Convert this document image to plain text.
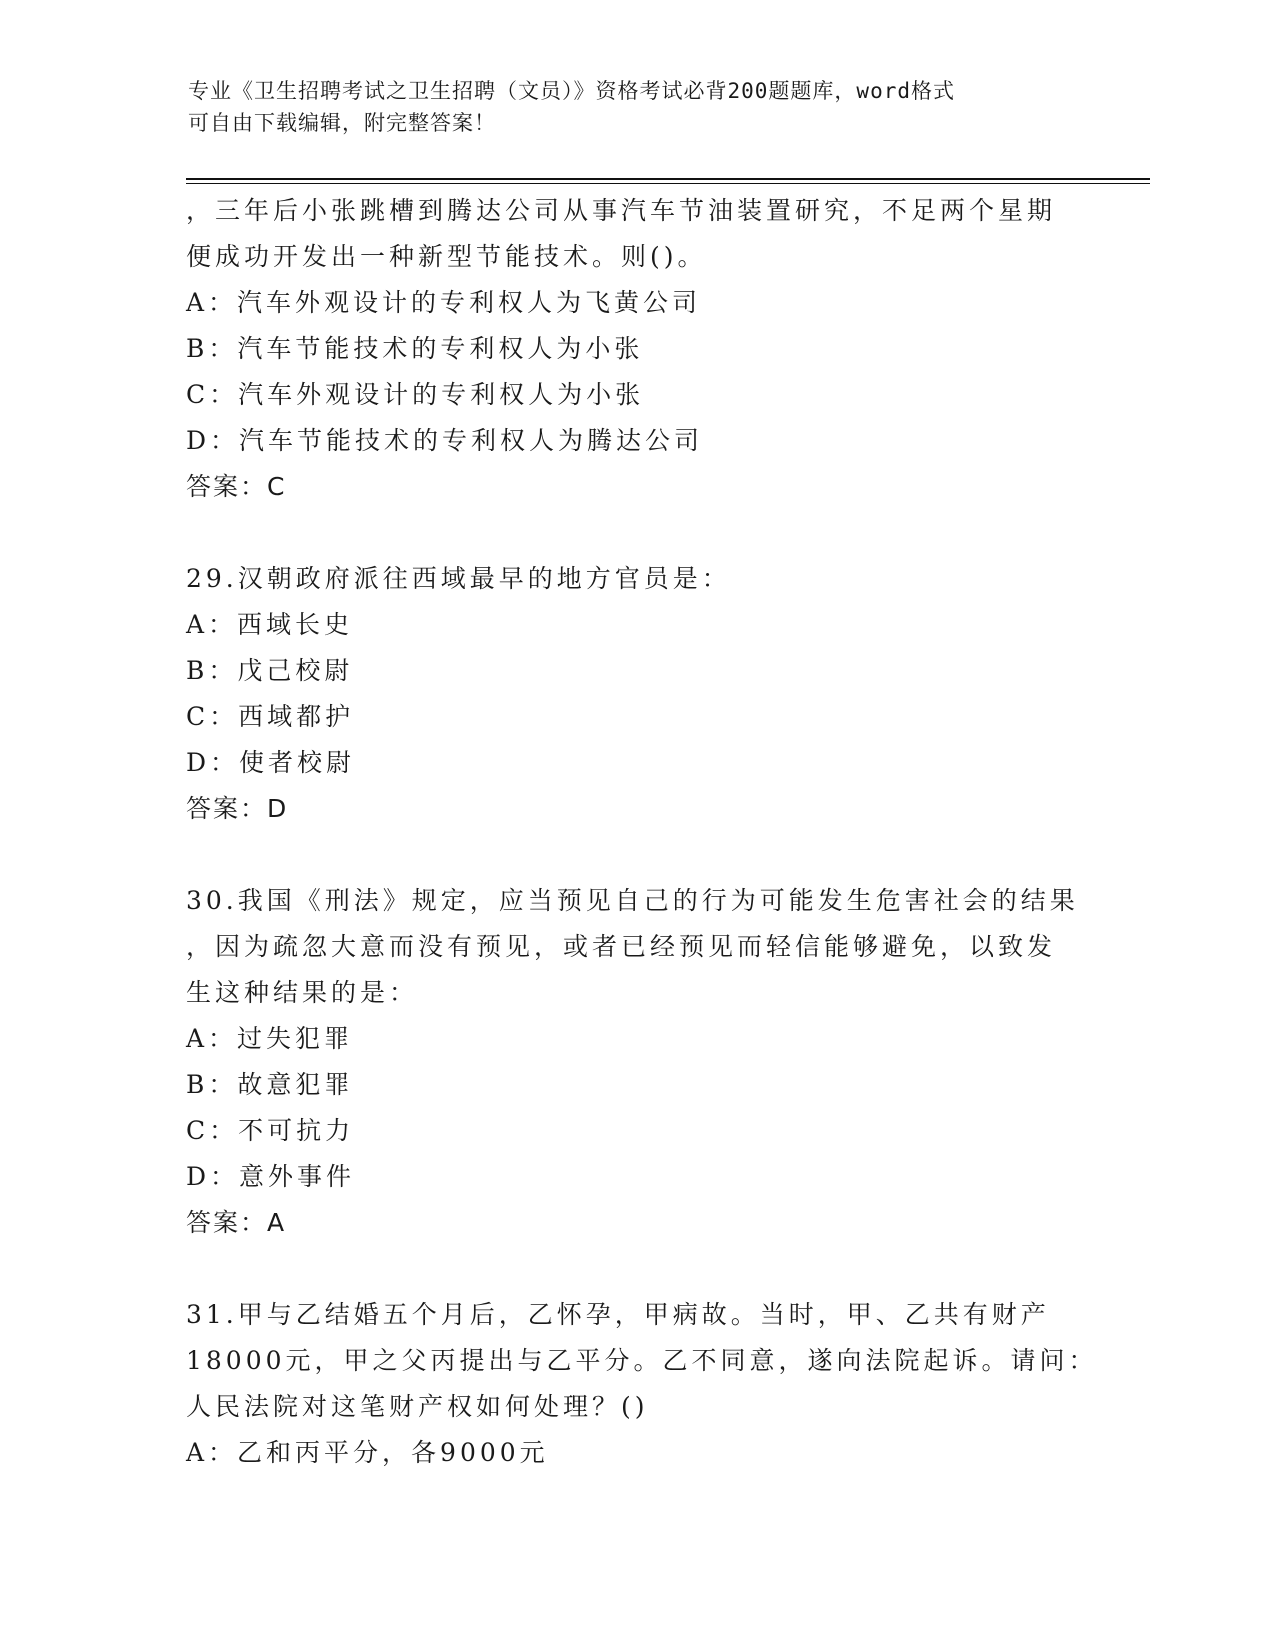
专业《卫生招聘考试之卫生招聘（文员）》资格考试必背200题题库，word格式
可自由下载编辑，附完整答案！
，三年后小张跳槽到腾达公司从事汽车节油装置研究，不足两个星期
便成功开发出一种新型节能技术。则()。
A：汽车外观设计的专利权人为飞黄公司
B：汽车节能技术的专利权人为小张
C：汽车外观设计的专利权人为小张
D：汽车节能技术的专利权人为腾达公司
答案：C
29.汉朝政府派往西域最早的地方官员是：
A：西域长史
B：戊己校尉
C：西域都护
D：使者校尉
答案：D
30.我国《刑法》规定，应当预见自己的行为可能发生危害社会的结果
，因为疏忽大意而没有预见，或者已经预见而轻信能够避免，以致发
生这种结果的是：
A：过失犯罪
B：故意犯罪
C：不可抗力
D：意外事件
答案：A
31.甲与乙结婚五个月后，乙怀孕，甲病故。当时，甲、乙共有财产
18000元，甲之父丙提出与乙平分。乙不同意，遂向法院起诉。请问：
人民法院对这笔财产权如何处理？()
A：乙和丙平分，各9000元
